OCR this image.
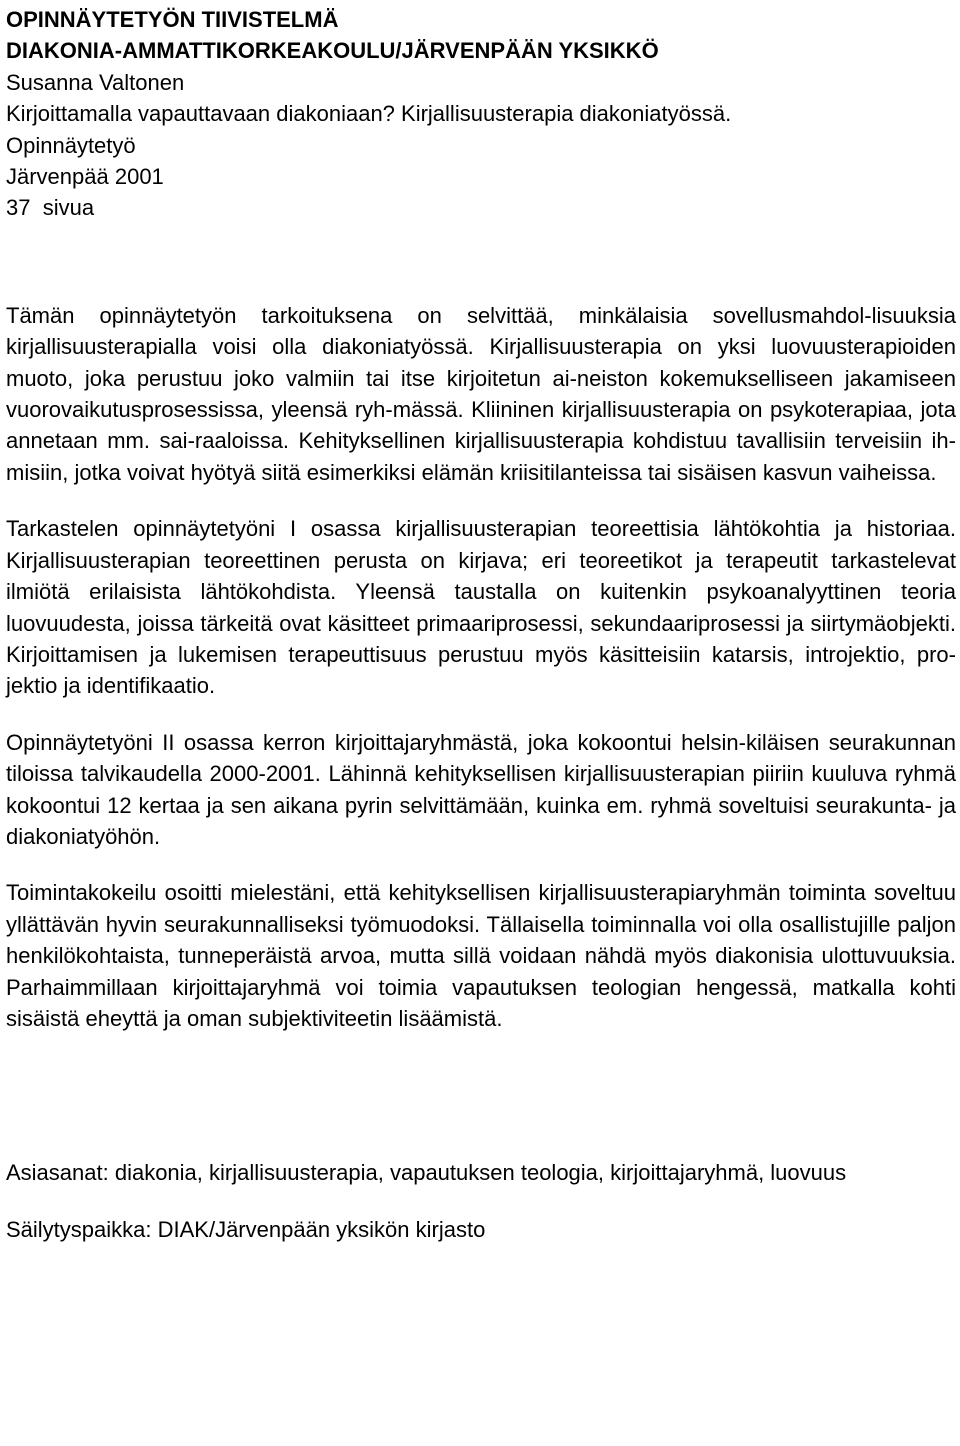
OPINNÄYTETYÖN TIIVISTELMÄ

DIAKONIA-AMMATTIKORKEAKOULU/JÄRVENPÄÄN YKSIKKÖ

Susanna Valtonen

Kirjoittamalla vapauttavaan diakoniaan? Kirjallisuusterapia diakoniatyössä.

Opinnäytetyö

Järvenpää 2001

37  sivua

Tämän opinnäytetyön tarkoituksena on selvittää, minkälaisia sovellusmahdol-lisuuksia kirjallisuusterapialla voisi olla diakoniatyössä. Kirjallisuusterapia on yksi luovuusterapioiden muoto, joka perustuu joko valmiin tai itse kirjoitetun ai-neiston kokemukselliseen jakamiseen vuorovaikutusprosessissa, yleensä ryh-mässä. Kliininen kirjallisuusterapia on psykoterapiaa, jota annetaan mm. sai-raaloissa. Kehityksellinen kirjallisuusterapia kohdistuu tavallisiin terveisiin ih-misiin, jotka voivat hyötyä siitä esimerkiksi elämän kriisitilanteissa tai sisäisen kasvun vaiheissa.

Tarkastelen opinnäytetyöni I osassa kirjallisuusterapian teoreettisia lähtökohtia ja historiaa. Kirjallisuusterapian teoreettinen perusta on kirjava; eri teoreetikot ja terapeutit tarkastelevat ilmiötä erilaisista lähtökohdista. Yleensä taustalla on kuitenkin psykoanalyyttinen teoria luovuudesta, joissa tärkeitä ovat käsitteet primaariprosessi, sekundaariprosessi ja siirtymäobjekti. Kirjoittamisen ja lukemisen terapeuttisuus perustuu myös käsitteisiin katarsis, introjektio, pro-jektio ja identifikaatio.

Opinnäytetyöni II osassa kerron kirjoittajaryhmästä, joka kokoontui helsin-kiläisen seurakunnan tiloissa talvikaudella 2000-2001. Lähinnä kehityksellisen kirjallisuusterapian piiriin kuuluva ryhmä kokoontui 12 kertaa ja sen aikana pyrin selvittämään, kuinka em. ryhmä soveltuisi seurakunta- ja diakoniatyöhön.

Toimintakokeilu osoitti mielestäni, että kehityksellisen kirjallisuusterapiaryhmän toiminta soveltuu yllättävän hyvin seurakunnalliseksi työmuodoksi. Tällaisella toiminnalla voi olla osallistujille paljon henkilökohtaista, tunneperäistä arvoa, mutta sillä voidaan nähdä myös diakonisia ulottuvuuksia. Parhaimmillaan kirjoittajaryhmä voi toimia vapautuksen teologian hengessä, matkalla kohti sisäistä eheyttä ja oman subjektiviteetin lisäämistä.

Asiasanat: diakonia, kirjallisuusterapia, vapautuksen teologia, kirjoittajaryhmä, luovuus

Säilytyspaikka: DIAK/Järvenpään yksikön kirjasto
